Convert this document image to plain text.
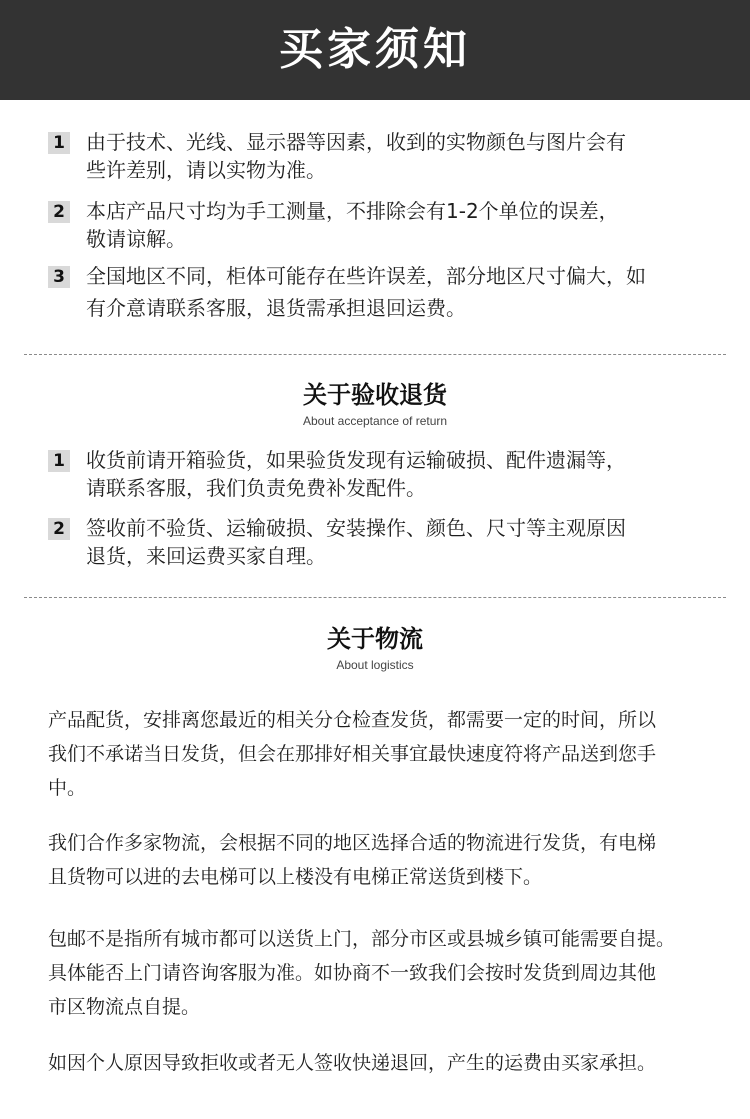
买家须知
1 由于技术、光线、显示器等因素，收到的实物颜色与图片会有
些许差别，请以实物为准。
2 本店产品尺寸均为手工测量，不排除会有1-2个单位的误差，
敬请谅解。
3 全国地区不同，柜体可能存在些许误差，部分地区尺寸偏大，如
有介意请联系客服，退货需承担退回运费。
关于验收退货
About acceptance of return
1 收货前请开箱验货，如果验货发现有运输破损、配件遗漏等，
请联系客服，我们负责免费补发配件。
2 签收前不验货、运输破损、安装操作、颜色、尺寸等主观原因
退货，来回运费买家自理。
关于物流
About logistics
产品配货，安排离您最近的相关分仓检查发货，都需要一定的时间，所以
我们不承诺当日发货，但会在那排好相关事宜最快速度符将产品送到您手
中。
我们合作多家物流，会根据不同的地区选择合适的物流进行发货，有电梯
且货物可以进的去电梯可以上楼没有电梯正常送货到楼下。
包邮不是指所有城市都可以送货上门，部分市区或县城乡镇可能需要自提。
具体能否上门请咨询客服为准。如协商不一致我们会按时发货到周边其他
市区物流点自提。
如因个人原因导致拒收或者无人签收快递退回，产生的运费由买家承担。
